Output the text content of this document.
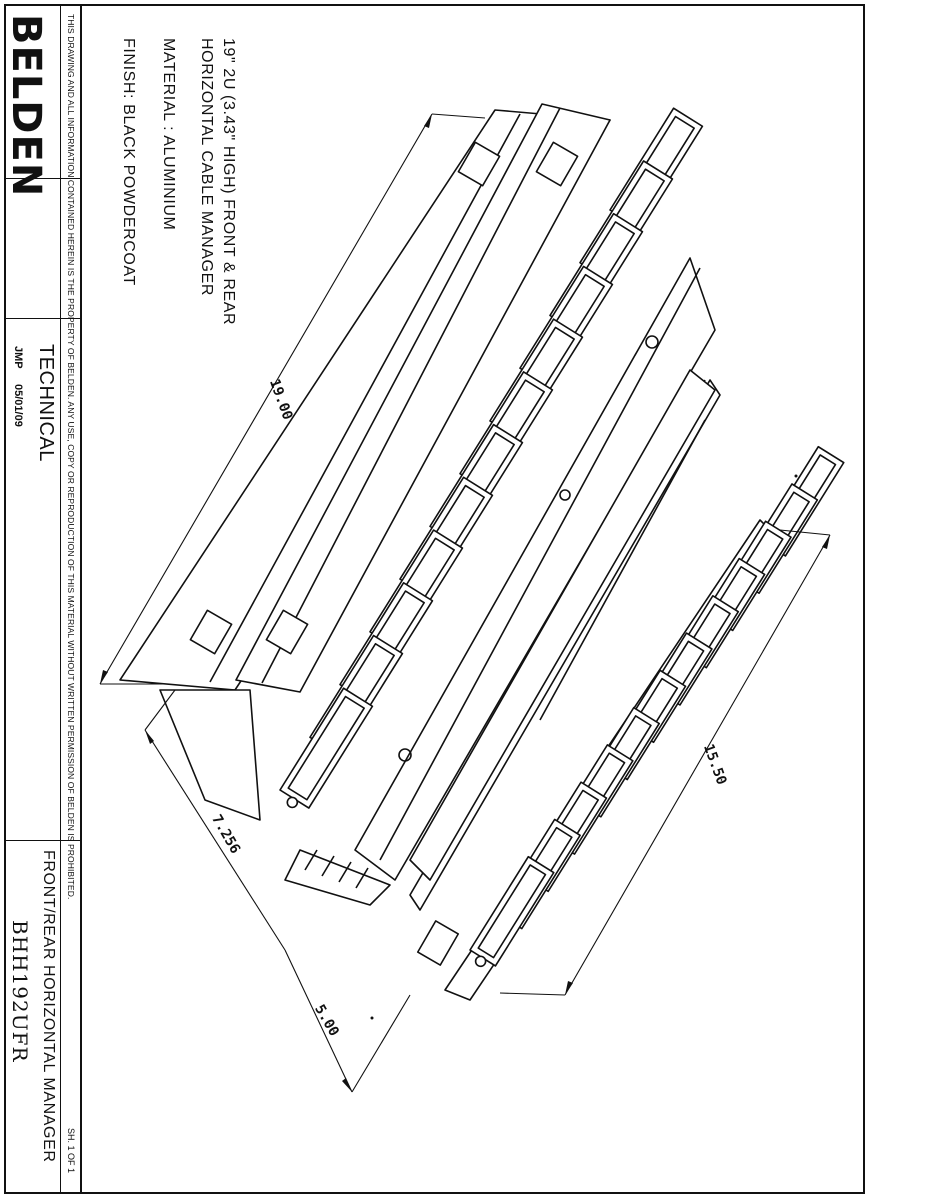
BELDEN THIS DRAWING AND ALL INFORMATION CONTAINED HEREIN IS THE PROPERTY OF BELDEN. ANY USE, COPY OR REPRODUCTION OF THIS MATERIAL WITHOUT WRITTEN PERMISSION OF BELDEN IS PROHIBITED.
TECHNICAL
JMP
05/01/09
FRONT/REAR HORIZONTAL MANAGER
BHH192UFR
SH. 1 OF 1
19" 2U (3.43" HIGH) FRONT & REAR
HORIZONTAL CABLE MANAGER
MATERIAL : ALUMINIUM
FINISH: BLACK POWDERCOAT
19.00
15.50
7.256
5.00
